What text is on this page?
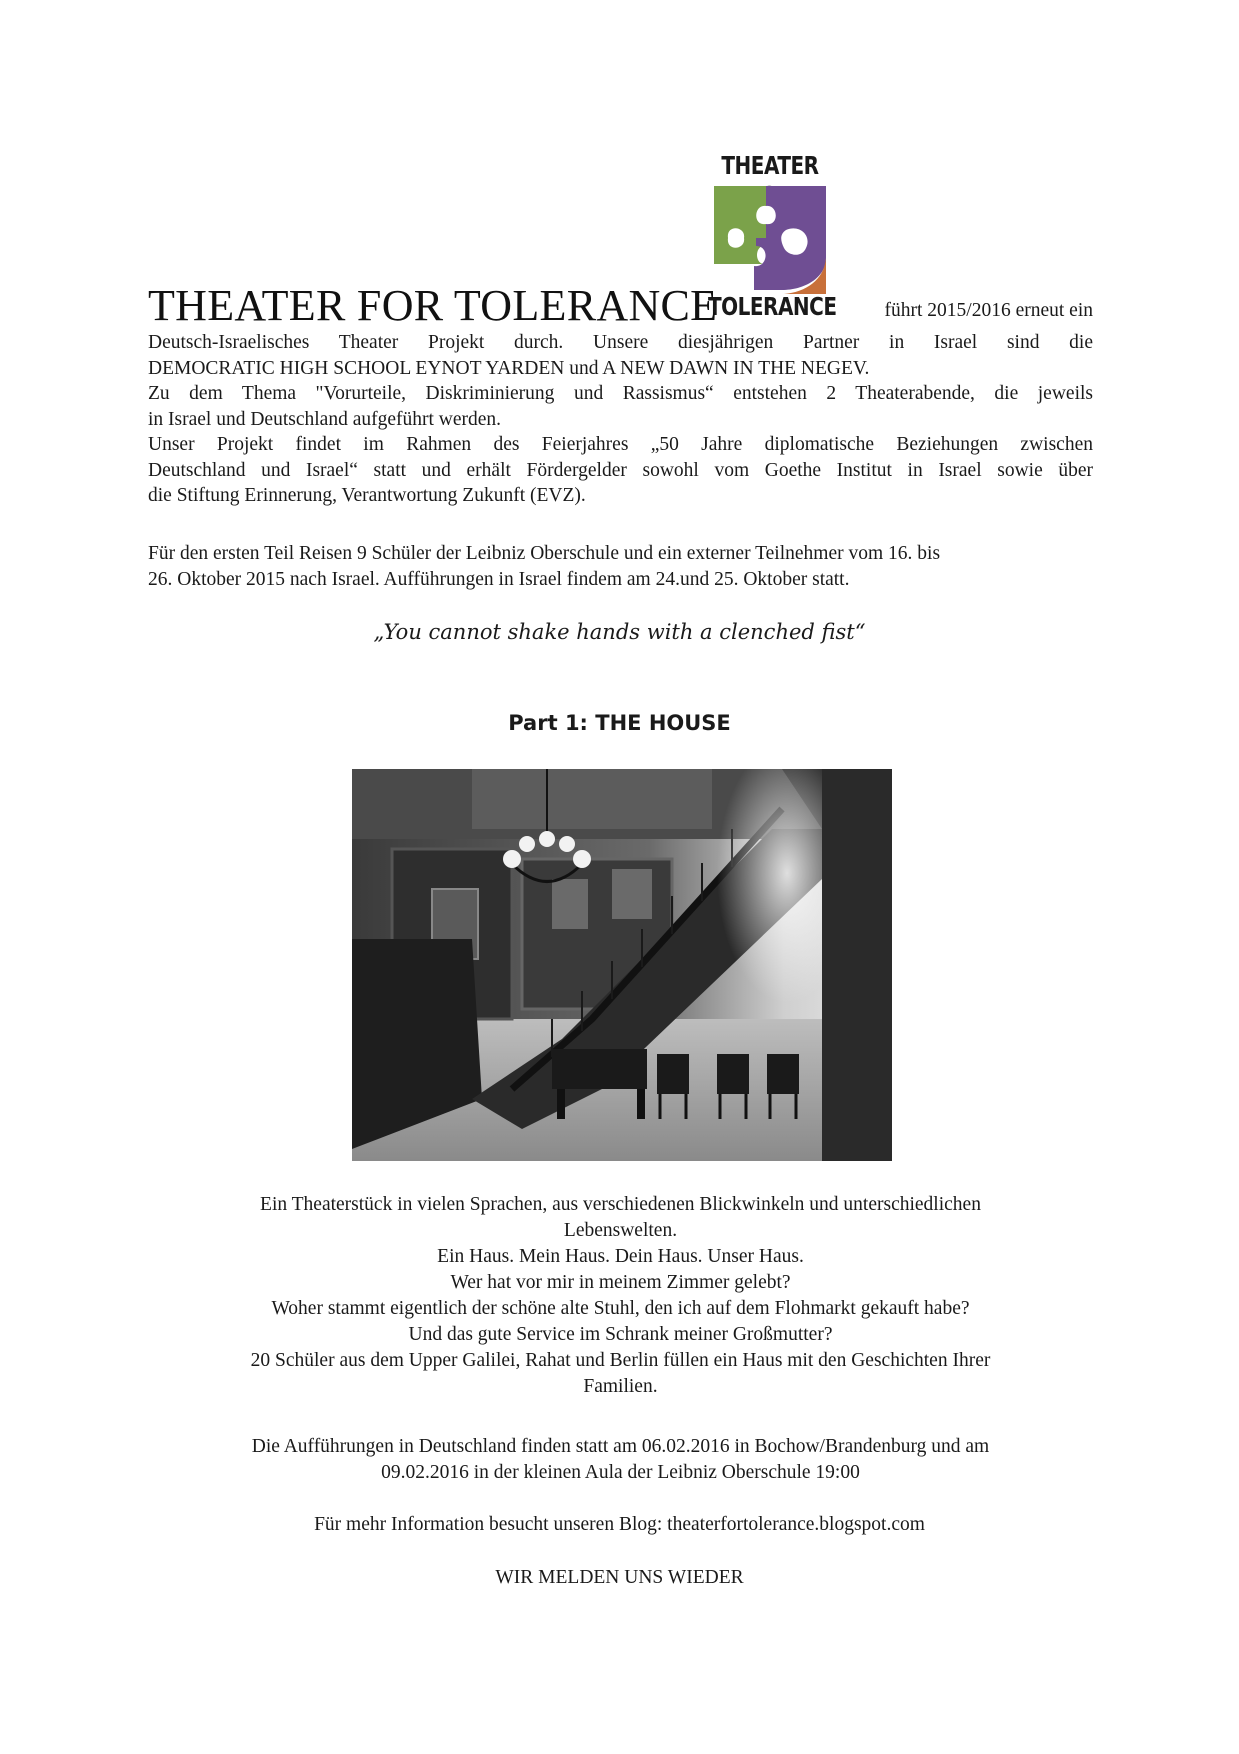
THEATER
TOLERANCE
THEATER FOR TOLERANCE	führt 2015/2016 erneut ein

Deutsch-Israelisches Theater Projekt durch. Unsere diesjährigen Partner in Israel sind die

DEMOCRATIC HIGH SCHOOL EYNOT YARDEN und A NEW DAWN IN THE NEGEV.

Zu dem Thema "Vorurteile, Diskriminierung und Rassismus“ entstehen 2 Theaterabende, die jeweils

in Israel und Deutschland aufgeführt werden.

Unser Projekt findet im Rahmen des Feierjahres „50 Jahre diplomatische Beziehungen zwischen

Deutschland und Israel“ statt und erhält Fördergelder sowohl vom Goethe Institut in Israel sowie über

die Stiftung Erinnerung, Verantwortung Zukunft (EVZ).

Für den ersten Teil Reisen 9 Schüler der Leibniz Oberschule und ein externer Teilnehmer vom 16. bis

26. Oktober 2015 nach Israel. Aufführungen in Israel findem am 24.und 25. Oktober statt.

„You cannot shake hands with a clenched fist“
Part 1: THE HOUSE

Ein Theaterstück in vielen Sprachen, aus verschiedenen Blickwinkeln und unterschiedlichen

Lebenswelten.

Ein Haus. Mein Haus. Dein Haus. Unser Haus.

Wer hat vor mir in meinem Zimmer gelebt?

Woher stammt eigentlich der schöne alte Stuhl, den ich auf dem Flohmarkt gekauft habe?

Und das gute Service im Schrank meiner Großmutter?

20 Schüler aus dem Upper Galilei, Rahat und Berlin füllen ein Haus mit den Geschichten Ihrer

Familien.

Die Aufführungen in Deutschland finden statt am 06.02.2016 in Bochow/Brandenburg und am

09.02.2016 in der kleinen Aula der Leibniz Oberschule 19:00

Für mehr Information besucht unseren Blog: theaterfortolerance.blogspot.com
WIR MELDEN UNS WIEDER
